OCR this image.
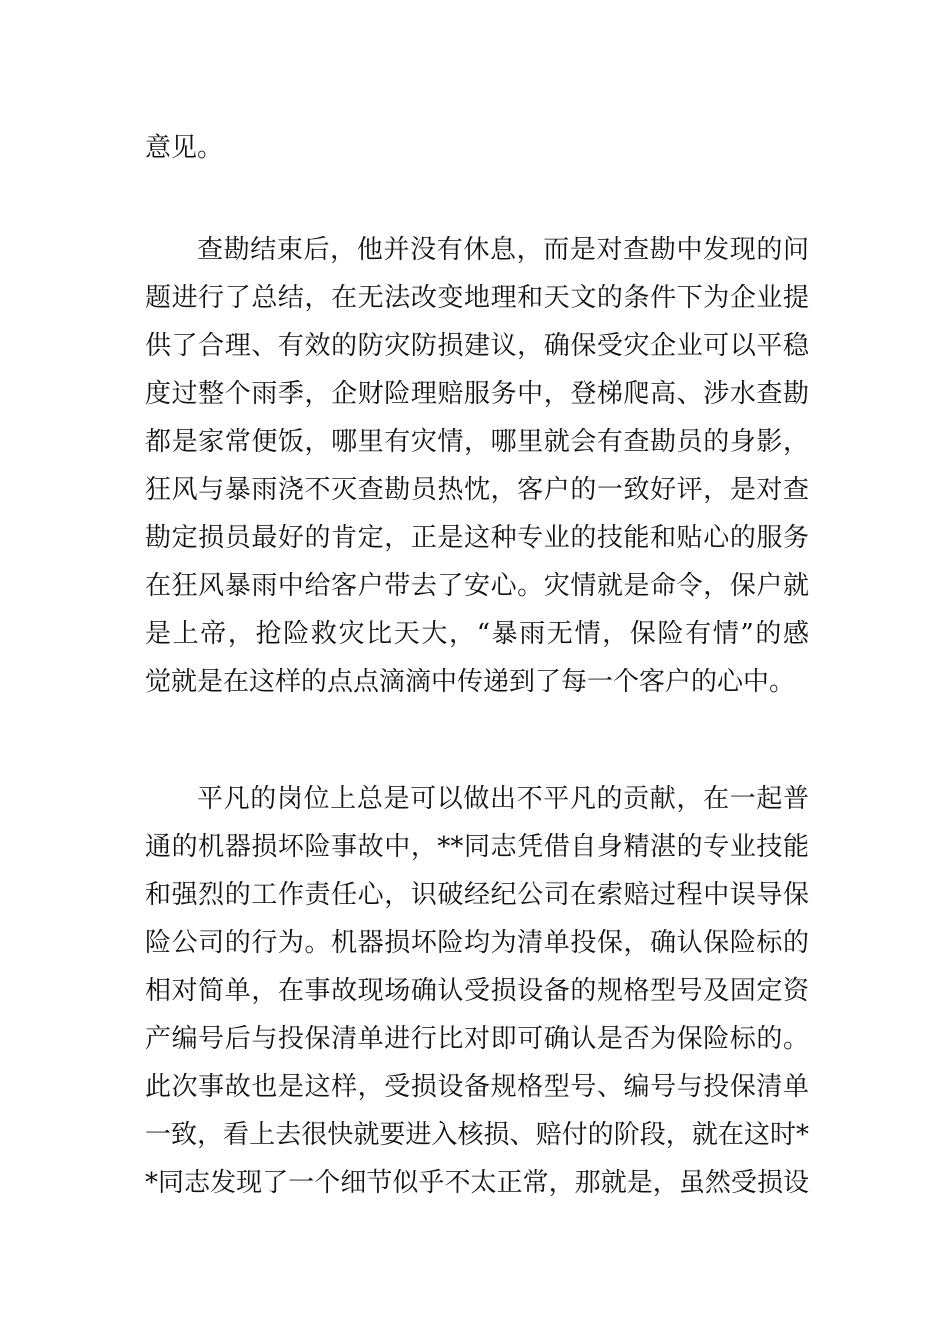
意见。
查勘结束后，他并没有休息，而是对查勘中发现的问
题进行了总结，在无法改变地理和天文的条件下为企业提
供了合理、有效的防灾防损建议，确保受灾企业可以平稳
度过整个雨季，企财险理赔服务中，登梯爬高、涉水查勘
都是家常便饭，哪里有灾情，哪里就会有查勘员的身影，
狂风与暴雨浇不灭查勘员热忱，客户的一致好评，是对查
勘定损员最好的肯定，正是这种专业的技能和贴心的服务
在狂风暴雨中给客户带去了安心。灾情就是命令，保户就
是上帝，抢险救灾比天大，“暴雨无情，保险有情”的感
觉就是在这样的点点滴滴中传递到了每一个客户的心中。
平凡的岗位上总是可以做出不平凡的贡献，在一起普
通的机器损坏险事故中，**同志凭借自身精湛的专业技能
和强烈的工作责任心，识破经纪公司在索赔过程中误导保
险公司的行为。机器损坏险均为清单投保，确认保险标的
相对简单，在事故现场确认受损设备的规格型号及固定资
产编号后与投保清单进行比对即可确认是否为保险标的。
此次事故也是这样，受损设备规格型号、编号与投保清单
一致，看上去很快就要进入核损、赔付的阶段，就在这时*
*同志发现了一个细节似乎不太正常，那就是，虽然受损设
